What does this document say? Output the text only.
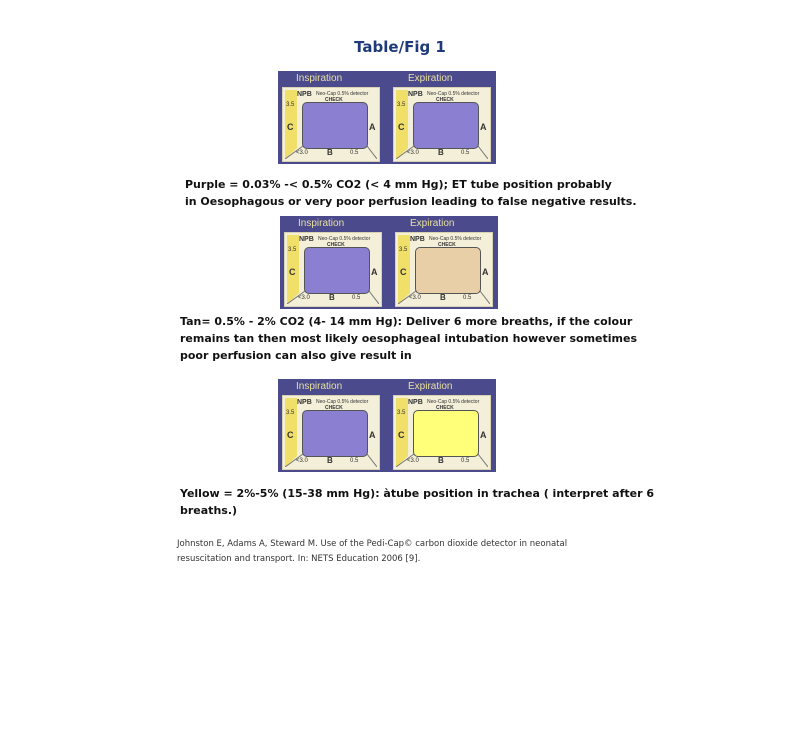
Table/Fig 1
Inspiration	Expiration
NPB Neo-Cap 0.5% detector
CHECK
C	A
3.5
<3.0 B	0.5
NPB Neo-Cap 0.5% detector
CHECK
C	A
3.5
<3.0 B	0.5
Purple = 0.03% -< 0.5% CO2 (< 4 mm Hg); ET tube position probably
in Oesophagous or very poor perfusion leading to false negative results.
Inspiration	Expiration
NPB Neo-Cap 0.5% detector
CHECK
C	A
3.5
<3.0 B	0.5
NPB Neo-Cap 0.5% detector
CHECK
C	A
3.5
<3.0 B	0.5
Tan= 0.5% - 2% CO2 (4- 14 mm Hg): Deliver 6 more breaths, if the colour
remains tan then most likely oesophageal intubation however sometimes
poor perfusion can also give result in
Inspiration	Expiration
NPB Neo-Cap 0.5% detector
CHECK
C	A
3.5
<3.0 B	0.5
NPB Neo-Cap 0.5% detector
CHECK
C	A
3.5
<3.0 B	0.5
Yellow = 2%-5% (15-38 mm Hg): àtube position in trachea ( interpret after 6
breaths.)
Johnston E, Adams A, Steward M. Use of the Pedi-Cap© carbon dioxide detector in neonatal
resuscitation and transport. In: NETS Education 2006 [9].
